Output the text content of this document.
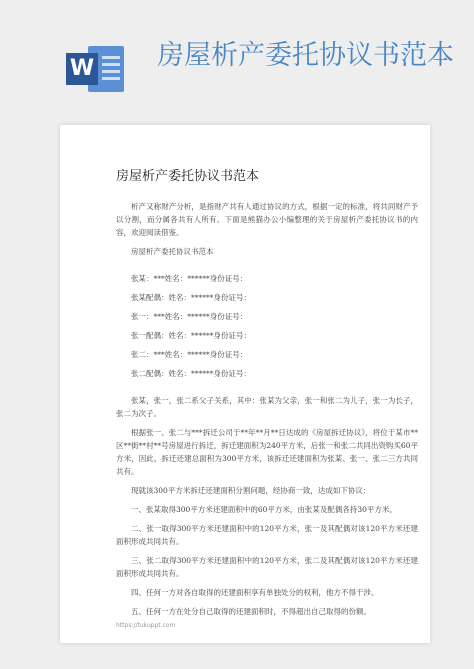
W 房屋析产委托协议书范本
房屋析产委托协议书范本

析产又称财产分析，是指财产共有人通过协议的方式，根据一定的标准，将共同财产予以分割，而分属各共有人所有。下面是熊猫办公小编整理的关于房屋析产委托协议书的内容，欢迎阅读借鉴。

房屋析产委托协议书范本

张某：***姓名：******身份证号：

张某配偶：姓名：******身份证号：

张一：***姓名：******身份证号：

张一配偶：姓名：******身份证号：

张二：***姓名：******身份证号：

张二配偶：姓名：******身份证号：

张某，张一，张二系父子关系，其中：张某为父亲，张一和张二为儿子，张一为长子，张二为次子。

根据张一、张二与***拆迁公司于**年**月**日达成的《房屋拆迁协议》，将位于某市**区**街**村**号房屋进行拆迁，拆迁建面积为240平方米，后张一和张二共同出资购买60平方米，因此，拆迁还建总面积为300平方米，该拆迁还建面积为张某、张一、张二三方共同共有。

现就该300平方米拆迁还建面积分割问题，经协商一致，达成如下协议：

一、张某取得300平方米还建面积中的60平方米，由张某及配偶各持30平方米。

二、张一取得300平方米还建面积中的120平方米，张一及其配偶对该120平方米还建面积形成共同共有。

三、张二取得300平方米还建面积中的120平方米，张二及其配偶对该120平方米还建面积形成共同共有。

四、任何一方对各自取得的还建面积享有单独处分的权利，他方不得干涉。

五、任何一方在处分自己取得的还建面积时，不得超出自己取得的份额。

https://tukuppt.com
